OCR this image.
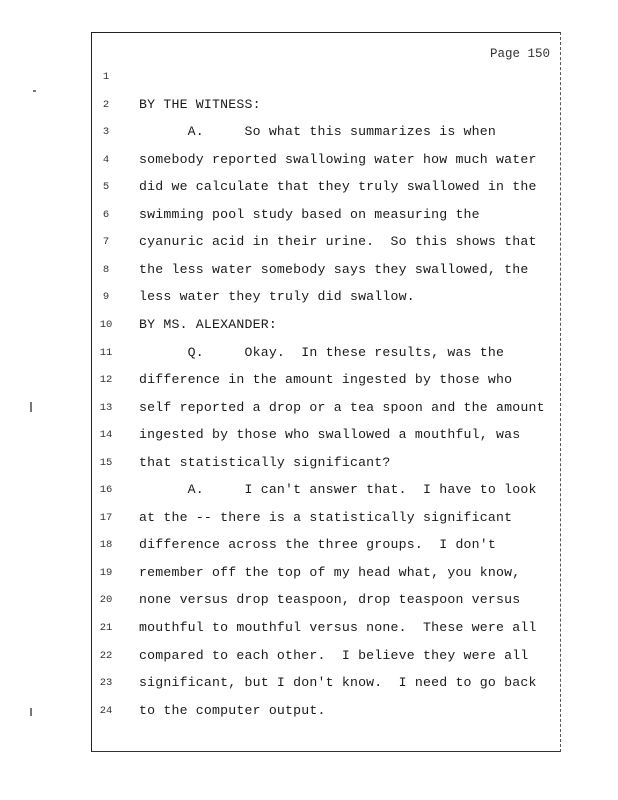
Page 150
1
2	BY THE WITNESS:
3	A.     So what this summarizes is when
4	somebody reported swallowing water how much water
5	did we calculate that they truly swallowed in the
6	swimming pool study based on measuring the
7	cyanuric acid in their urine.  So this shows that
8	the less water somebody says they swallowed, the
9	less water they truly did swallow.
10 BY MS. ALEXANDER:
11 Q.     Okay.  In these results, was the
12 difference in the amount ingested by those who
13 self reported a drop or a tea spoon and the amount
14 ingested by those who swallowed a mouthful, was
15 that statistically significant?
16 A.     I can't answer that.  I have to look
17 at the -- there is a statistically significant
18 difference across the three groups.  I don't
19 remember off the top of my head what, you know,
20 none versus drop teaspoon, drop teaspoon versus
21 mouthful to mouthful versus none.  These were all
22 compared to each other.  I believe they were all
23 significant, but I don't know.  I need to go back
24 to the computer output.
